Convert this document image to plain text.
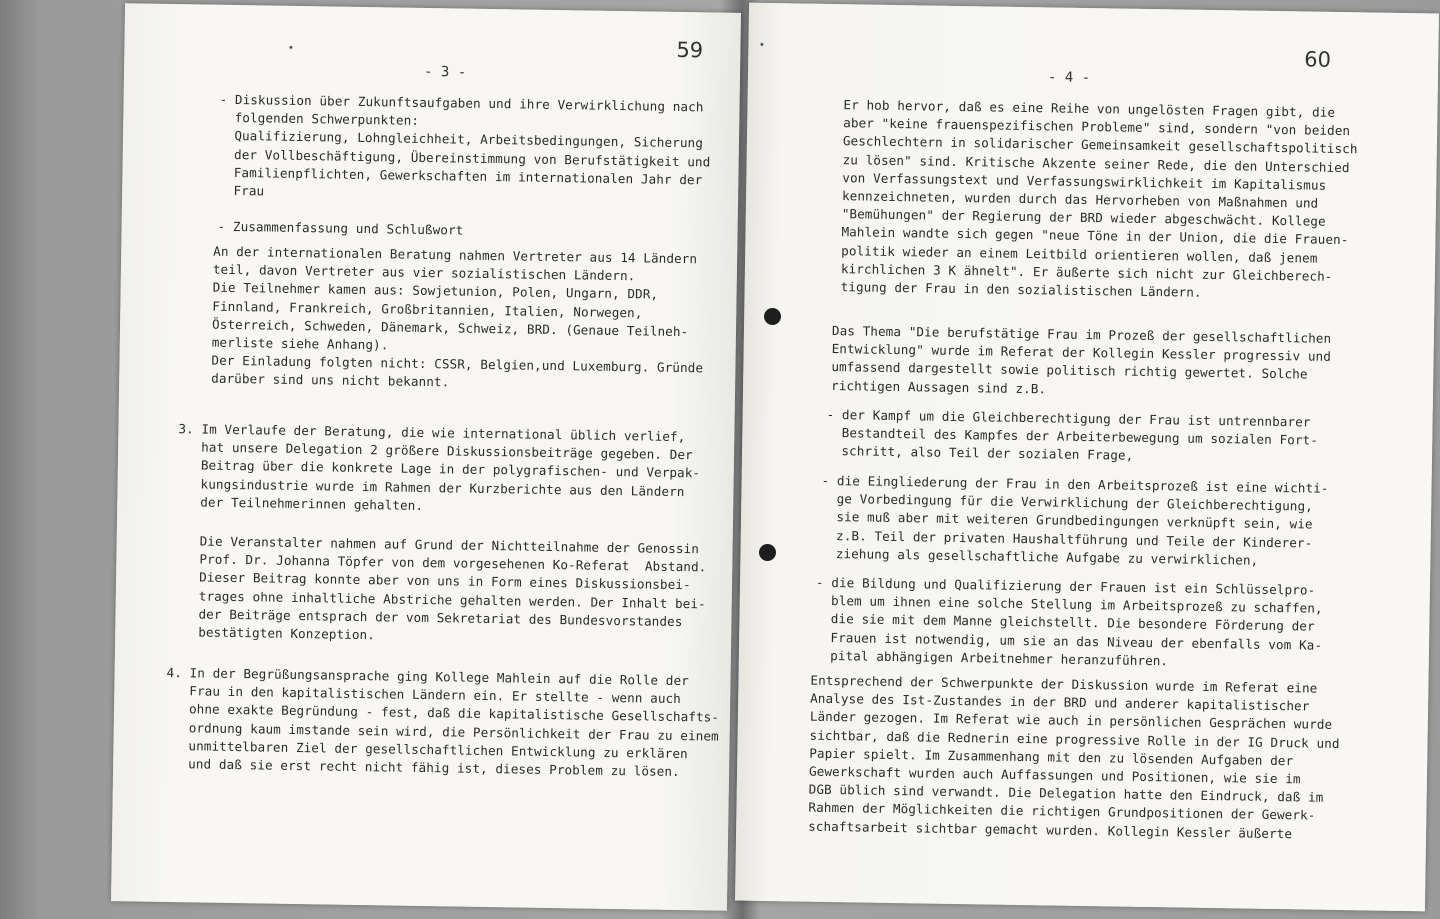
59
- 3 -
- Diskussion über Zukunftsaufgaben und ihre Verwirklichung nach
folgenden Schwerpunkten:
Qualifizierung, Lohngleichheit, Arbeitsbedingungen, Sicherung
der Vollbeschäftigung, Übereinstimmung von Berufstätigkeit und
Familienpflichten, Gewerkschaften im internationalen Jahr der
Frau

- Zusammenfassung und Schlußwort
An der internationalen Beratung nahmen Vertreter aus 14 Ländern
teil, davon Vertreter aus vier sozialistischen Ländern.
Die Teilnehmer kamen aus: Sowjetunion, Polen, Ungarn, DDR,
Finnland, Frankreich, Großbritannien, Italien, Norwegen,
Österreich, Schweden, Dänemark, Schweiz, BRD. (Genaue Teilneh-
merliste siehe Anhang).
Der Einladung folgten nicht: CSSR, Belgien,und Luxemburg. Gründe
darüber sind uns nicht bekannt.
3. Im Verlaufe der Beratung, die wie international üblich verlief,
hat unsere Delegation 2 größere Diskussionsbeiträge gegeben. Der
Beitrag über die konkrete Lage in der polygrafischen- und Verpak-
kungsindustrie wurde im Rahmen der Kurzberichte aus den Ländern
der Teilnehmerinnen gehalten.
Die Veranstalter nahmen auf Grund der Nichtteilnahme der Genossin
Prof. Dr. Johanna Töpfer von dem vorgesehenen Ko-Referat  Abstand.
Dieser Beitrag konnte aber von uns in Form eines Diskussionsbei-
trages ohne inhaltliche Abstriche gehalten werden. Der Inhalt bei-
der Beiträge entsprach der vom Sekretariat des Bundesvorstandes
bestätigten Konzeption.
4. In der Begrüßungsansprache ging Kollege Mahlein auf die Rolle der
Frau in den kapitalistischen Ländern ein. Er stellte - wenn auch
ohne exakte Begründung - fest, daß die kapitalistische Gesellschafts-
ordnung kaum imstande sein wird, die Persönlichkeit der Frau zu einem
unmittelbaren Ziel der gesellschaftlichen Entwicklung zu erklären
und daß sie erst recht nicht fähig ist, dieses Problem zu lösen.
60
- 4 -
Er hob hervor, daß es eine Reihe von ungelösten Fragen gibt, die
aber "keine frauenspezifischen Probleme" sind, sondern "von beiden
Geschlechtern in solidarischer Gemeinsamkeit gesellschaftspolitisch
zu lösen" sind. Kritische Akzente seiner Rede, die den Unterschied
von Verfassungstext und Verfassungswirklichkeit im Kapitalismus
kennzeichneten, wurden durch das Hervorheben von Maßnahmen und
"Bemühungen" der Regierung der BRD wieder abgeschwächt. Kollege
Mahlein wandte sich gegen "neue Töne in der Union, die die Frauen-
politik wieder an einem Leitbild orientieren wollen, daß jenem
kirchlichen 3 K ähnelt". Er äußerte sich nicht zur Gleichberech-
tigung der Frau in den sozialistischen Ländern.
Das Thema "Die berufstätige Frau im Prozeß der gesellschaftlichen
Entwicklung" wurde im Referat der Kollegin Kessler progressiv und
umfassend dargestellt sowie politisch richtig gewertet. Solche
richtigen Aussagen sind z.B.
- der Kampf um die Gleichberechtigung der Frau ist untrennbarer
Bestandteil des Kampfes der Arbeiterbewegung um sozialen Fort-
schritt, also Teil der sozialen Frage,
- die Eingliederung der Frau in den Arbeitsprozeß ist eine wichti-
ge Vorbedingung für die Verwirklichung der Gleichberechtigung,
sie muß aber mit weiteren Grundbedingungen verknüpft sein, wie
z.B. Teil der privaten Haushaltführung und Teile der Kinderer-
ziehung als gesellschaftliche Aufgabe zu verwirklichen,
- die Bildung und Qualifizierung der Frauen ist ein Schlüsselpro-
blem um ihnen eine solche Stellung im Arbeitsprozeß zu schaffen,
die sie mit dem Manne gleichstellt. Die besondere Förderung der
Frauen ist notwendig, um sie an das Niveau der ebenfalls vom Ka-
pital abhängigen Arbeitnehmer heranzuführen.
Entsprechend der Schwerpunkte der Diskussion wurde im Referat eine
Analyse des Ist-Zustandes in der BRD und anderer kapitalistischer
Länder gezogen. Im Referat wie auch in persönlichen Gesprächen wurde
sichtbar, daß die Rednerin eine progressive Rolle in der IG Druck und
Papier spielt. Im Zusammenhang mit den zu lösenden Aufgaben der
Gewerkschaft wurden auch Auffassungen und Positionen, wie sie im
DGB üblich sind verwandt. Die Delegation hatte den Eindruck, daß im
Rahmen der Möglichkeiten die richtigen Grundpositionen der Gewerk-
schaftsarbeit sichtbar gemacht wurden. Kollegin Kessler äußerte
